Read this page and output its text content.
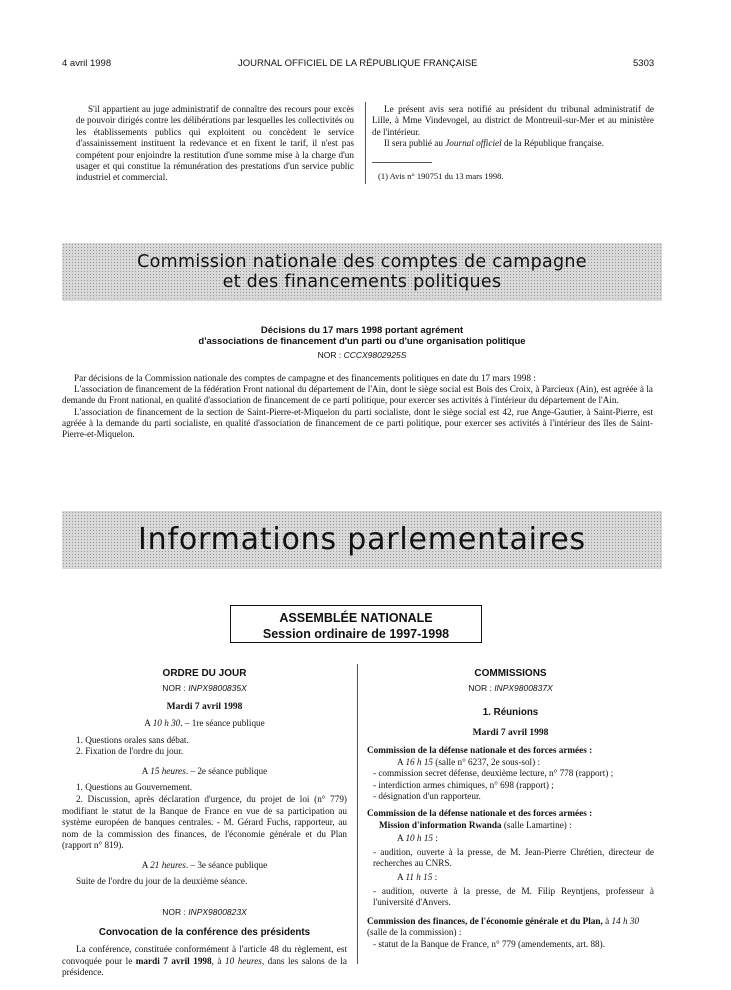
4 avril 1998	JOURNAL OFFICIEL DE LA RÉPUBLIQUE FRANÇAISE	5303
S'il appartient au juge administratif de connaître des recours pour excès de pouvoir dirigés contre les délibérations par lesquelles les collectivités ou les établissements publics qui exploitent ou concèdent le service d'assainissement instituent la redevance et en fixent le tarif, il n'est pas compétent pour enjoindre la restitution d'une somme mise à la charge d'un usager et qui constitue la rémunération des prestations d'un service public industriel et commercial.

Le présent avis sera notifié au président du tribunal administratif de Lille, à Mme Vindevogel, au district de Montreuil-sur-Mer et au ministère de l'intérieur.

Il sera publié au Journal officiel de la République française.

(1) Avis n° 190751 du 13 mars 1998.
Commission nationale des comptes de campagne
et des financements politiques
Décisions du 17 mars 1998 portant agrément
d'associations de financement d'un parti ou d'une organisation politique
NOR : CCCX9802925S

Par décisions de la Commission nationale des comptes de campagne et des financements politiques en date du 17 mars 1998 :

L'association de financement de la fédération Front national du département de l'Ain, dont le siège social est Bois des Croix, à Parcieux (Ain), est agréée à la demande du Front national, en qualité d'association de financement de ce parti politique, pour exercer ses activités à l'intérieur du département de l'Ain.

L'association de financement de la section de Saint-Pierre-et-Miquelon du parti socialiste, dont le siège social est 42, rue Ange-Gautier, à Saint-Pierre, est agréée à la demande du parti socialiste, en qualité d'association de financement de ce parti politique, pour exercer ses activités à l'intérieur des îles de Saint-Pierre-et-Miquelon.

Informations parlementaires
ASSEMBLÉE NATIONALE
Session ordinaire de 1997-1998
ORDRE DU JOUR
NOR : INPX9800835X
Mardi 7 avril 1998
A 10 h 30. – 1re séance publique

1. Questions orales sans débat.

2. Fixation de l'ordre du jour.

A 15 heures. – 2e séance publique

1. Questions au Gouvernement.

2. Discussion, après déclaration d'urgence, du projet de loi (n° 779) modifiant le statut de la Banque de France en vue de sa participation au système européen de banques centrales. - M. Gérard Fuchs, rapporteur, au nom de la commission des finances, de l'économie générale et du Plan (rapport n° 819).

A 21 heures. – 3e séance publique
Suite de l'ordre du jour de la deuxième séance.
NOR : INPX9800823X
Convocation de la conférence des présidents
La conférence, constituée conformément à l'article 48 du règlement, est convoquée pour le mardi 7 avril 1998, à 10 heures, dans les salons de la présidence.
COMMISSIONS
NOR : INPX9800837X
1. Réunions
Mardi 7 avril 1998
Commission de la défense nationale et des forces armées :
A 16 h 15 (salle n° 6237, 2e sous-sol) :

- commission secret défense, deuxième lecture, n° 778 (rapport) ;

- interdiction armes chimiques, n° 698 (rapport) ;

- désignation d'un rapporteur.

Commission de la défense nationale et des forces armées :
Mission d'information Rwanda (salle Lamartine) :
A 10 h 15 :
- audition, ouverte à la presse, de M. Jean-Pierre Chrétien, directeur de recherches au CNRS.
A 11 h 15 :
- audition, ouverte à la presse, de M. Filip Reyntjens, professeur à l'université d'Anvers.
Commission des finances, de l'économie générale et du Plan, à 14 h 30 (salle de la commission) :
- statut de la Banque de France, n° 779 (amendements, art. 88).
